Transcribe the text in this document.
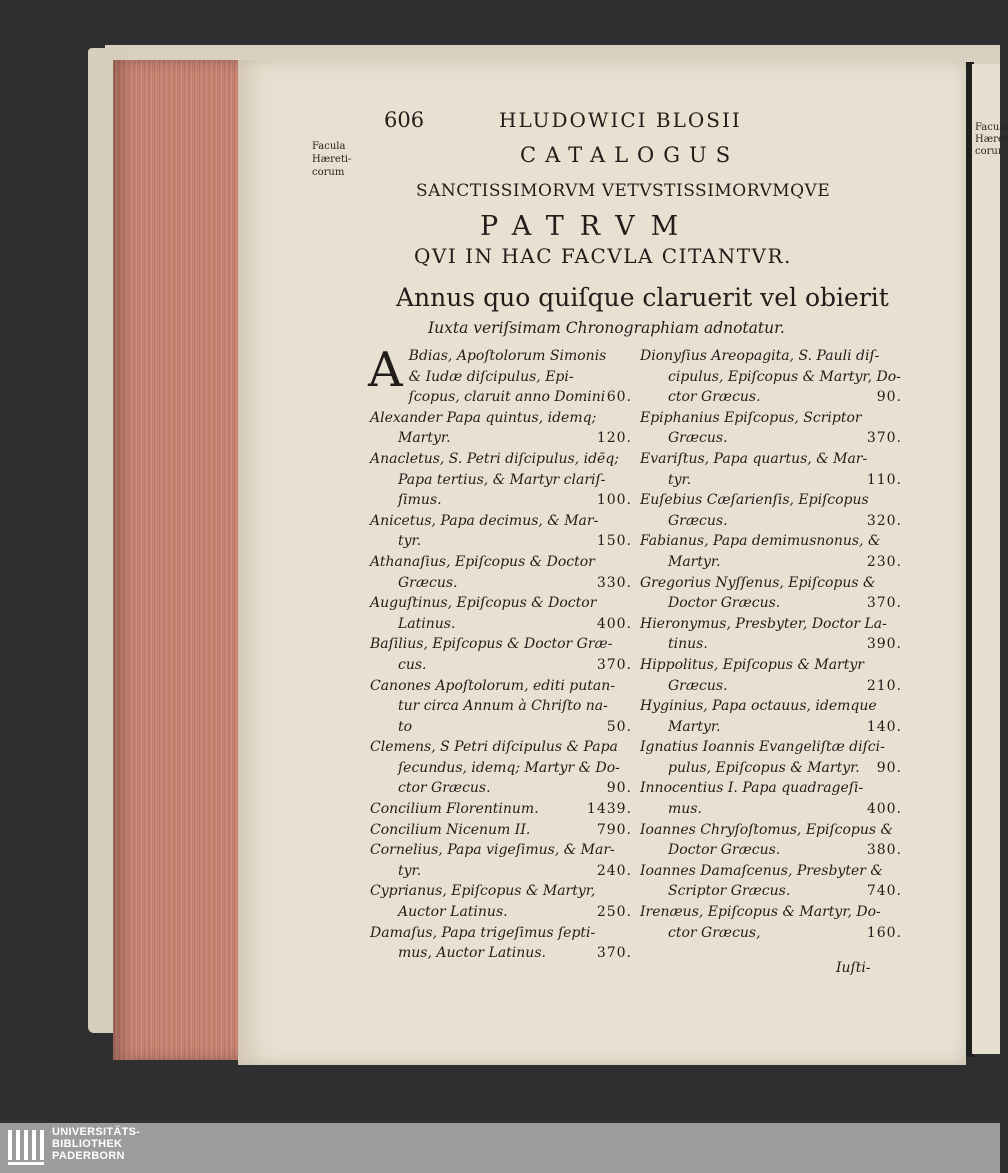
Facula
Hæret
corun
Facula
Hæreti-
corum
606	HLUDOWICI BLOSII
CATALOGUS
SANCTISSIMORVM VETVSTISSIMORVMQVE
PATRVM
QVI IN HAC FACVLA CITANTVR.
Annus quo quiſque claruerit vel obierit
Iuxta veriſsimam Chronographiam adnotatur.
A Bdias, Apoſtolorum Simonis
& Iudæ diſcipulus, Epi-
ſcopus, claruit anno Domini 60.
Alexander Papa quintus, idemq;
Martyr.	120.
Anacletus, S. Petri diſcipulus, idēq;
Papa tertius, & Martyr clariſ-
ſimus.	100.
Anicetus, Papa decimus, & Mar-
tyr.	150.
Athanaſius, Epiſcopus & Doctor
Græcus.	330.
Auguſtinus, Epiſcopus & Doctor
Latinus.	400.
Baſilius, Epiſcopus & Doctor Græ-
cus.	370.
Canones Apoſtolorum, editi putan-
tur circa Annum à Chriſto na-
to	50.
Clemens, S Petri diſcipulus & Papa
ſecundus, idemq; Martyr & Do-
ctor Græcus.	90.
Concilium Florentinum.	1439.
Concilium Nicenum II.	790.
Cornelius, Papa vigeſimus, & Mar-
tyr.	240.
Cyprianus, Epiſcopus & Martyr,
Auctor Latinus.	250.
Damaſus, Papa trigeſimus ſepti-
mus, Auctor Latinus.	370.
Dionyſius Areopagita, S. Pauli diſ-
cipulus, Epiſcopus & Martyr, Do-
ctor Græcus.	90.
Epiphanius Epiſcopus, Scriptor
Græcus.	370.
Evariſtus, Papa quartus, & Mar-
tyr.	110.
Euſebius Cæſarienſis, Epiſcopus
Græcus.	320.
Fabianus, Papa demimusnonus, &
Martyr.	230.
Gregorius Nyſſenus, Epiſcopus &
Doctor Græcus.	370.
Hieronymus, Presbyter, Doctor La-
tinus.	390.
Hippolitus, Epiſcopus & Martyr
Græcus.	210.
Hyginius, Papa octauus, idemque
Martyr.	140.
Ignatius Ioannis Evangeliſtæ diſci-
pulus, Epiſcopus & Martyr. 90.
Innocentius I. Papa quadrageſi-
mus.	400.
Ioannes Chryſoſtomus, Epiſcopus &
Doctor Græcus.	380.
Ioannes Damaſcenus, Presbyter &
Scriptor Græcus.	740.
Irenæus, Epiſcopus & Martyr, Do-
ctor Græcus,	160.
Iuſti-
UNIVERSITÄTS-
BIBLIOTHEK
PADERBORN
